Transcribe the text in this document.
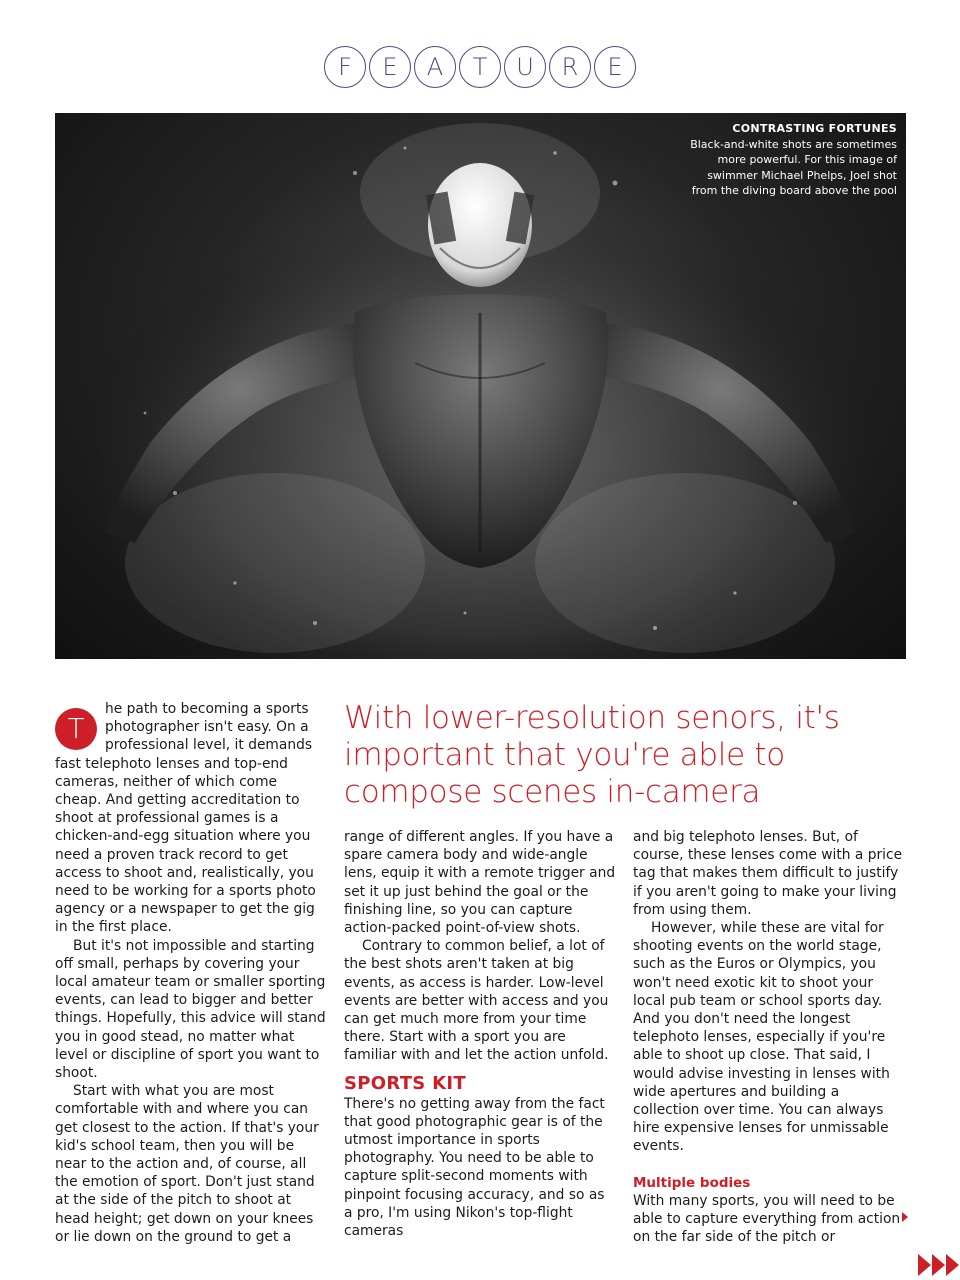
F	E	A	T	U	R	E
CONTRASTING FORTUNES
Black-and-white shots are sometimes more powerful. For this image of swimmer Michael Phelps, Joel shot from the diving board above the pool

T
he path to becoming a sports photographer isn't easy. On a professional level, it demands fast telephoto lenses and top-end cameras, neither of which come cheap. And getting accreditation to shoot at professional games is a chicken-and-egg situation where you need a proven track record to get access to shoot and, realistically, you need to be working for a sports photo agency or a newspaper to get the gig in the first place.

But it's not impossible and starting off small, perhaps by covering your local amateur team or smaller sporting events, can lead to bigger and better things. Hopefully, this advice will stand you in good stead, no matter what level or discipline of sport you want to shoot.

Start with what you are most comfortable with and where you can get closest to the action. If that's your kid's school team, then you will be near to the action and, of course, all the emotion of sport. Don't just stand at the side of the pitch to shoot at head height; get down on your knees or lie down on the ground to get a

With lower-resolution senors, it's important that you're able to compose scenes in-camera

range of different angles. If you have a spare camera body and wide-angle lens, equip it with a remote trigger and set it up just behind the goal or the finishing line, so you can capture action-packed point-of-view shots.

Contrary to common belief, a lot of the best shots aren't taken at big events, as access is harder. Low-level events are better with access and you can get much more from your time there. Start with a sport you are familiar with and let the action unfold.

SPORTS KIT

There's no getting away from the fact that good photographic gear is of the utmost importance in sports photography. You need to be able to capture split-second moments with pinpoint focusing accuracy, and so as a pro, I'm using Nikon's top-flight cameras

and big telephoto lenses. But, of course, these lenses come with a price tag that makes them difficult to justify if you aren't going to make your living from using them.

However, while these are vital for shooting events on the world stage, such as the Euros or Olympics, you won't need exotic kit to shoot your local pub team or school sports day. And you don't need the longest telephoto lenses, especially if you're able to shoot up close. That said, I would advise investing in lenses with wide apertures and building a collection over time. You can always hire expensive lenses for unmissable events.

Multiple bodies

With many sports, you will need to be able to capture everything from action on the far side of the pitch or
